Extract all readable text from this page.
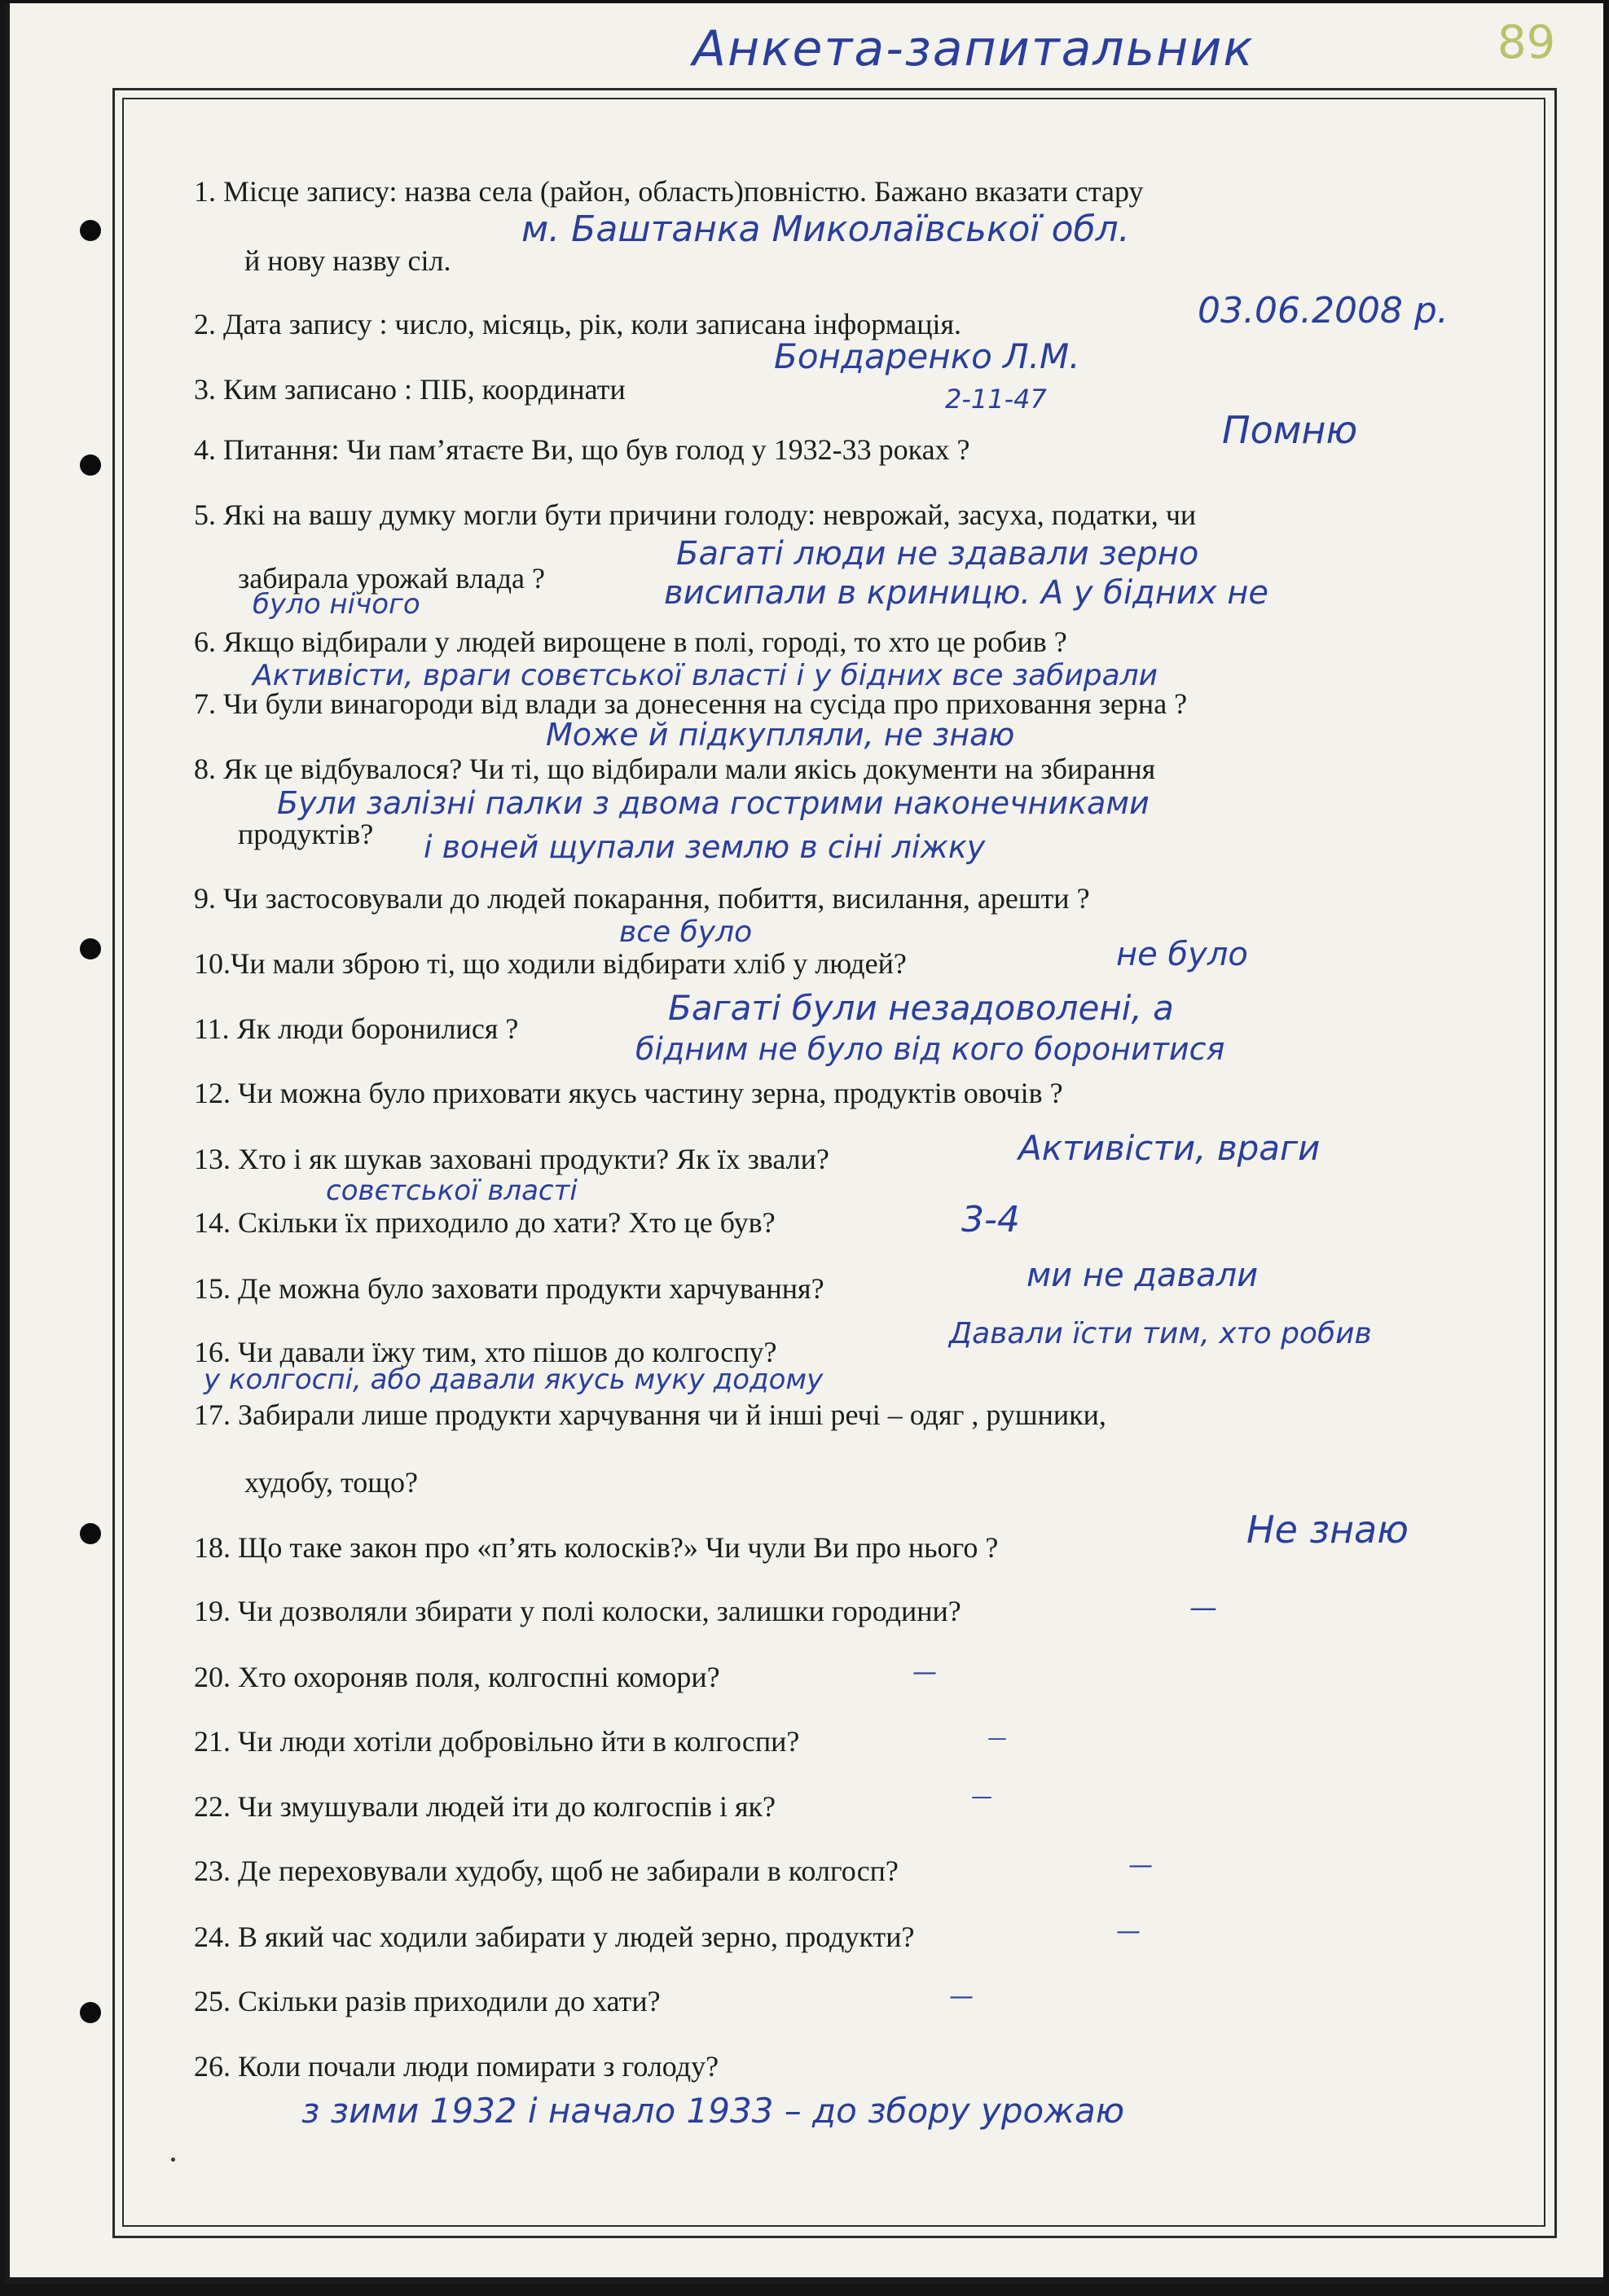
Анкета-запитальник	89
1. Місце запису: назва села (район, область)повністю. Бажано вказати стару
й нову назву сіл.
2. Дата запису : число, місяць, рік, коли записана інформація.
3. Ким записано : ПІБ, координати
4. Питання: Чи пам’ятаєте Ви, що був голод у 1932-33 роках ?
5. Які на вашу думку могли бути причини голоду: неврожай, засуха, податки, чи
забирала урожай влада ?
6. Якщо відбирали у людей вирощене в полі, городі, то хто це робив ?
7. Чи були винагороди від влади за донесення на сусіда про приховання зерна ?
8. Як це відбувалося? Чи ті, що відбирали мали якісь документи на збирання
продуктів?
9. Чи застосовували до людей покарання, побиття, висилання, арешти ?
10.Чи мали зброю ті, що ходили відбирати хліб у людей?
11. Як люди боронилися ?
12. Чи можна було приховати якусь частину зерна, продуктів овочів ?
13. Хто і як шукав заховані продукти? Як їх звали?
14. Скільки їх приходило до хати? Хто це був?
15. Де можна було заховати продукти харчування?
16. Чи давали їжу тим, хто пішов до колгоспу?
17. Забирали лише продукти харчування чи й інші речі – одяг , рушники,
худобу, тощо?
18. Що таке закон про «п’ять колосків?» Чи чули Ви про нього ?
19. Чи дозволяли збирати у полі колоски, залишки городини?
20. Хто охороняв поля, колгоспні комори?
21. Чи люди хотіли добровільно йти в колгоспи?
22. Чи змушували людей іти до колгоспів і як?
23. Де переховували худобу, щоб не забирали в колгосп?
24. В який час ходили забирати у людей зерно, продукти?
25. Скільки разів приходили до хати?
26. Коли почали люди помирати з голоду?
м. Баштанка Миколаївської обл.
03.06.2008 р.
Бондаренко Л.М.
2-11-47
Помню
Багаті люди не здавали зерно
висипали в криницю. А у бідних не
було нічого
Активісти, враги совєтської власті і у бідних все забирали
Може й підкупляли, не знаю
Були залізні палки з двома гострими наконечниками
і воней щупали землю в сіні ліжку
все було
не було
Багаті були незадоволені, а
бідним не було від кого боронитися
Активісти, враги
совєтської власті
3-4
ми не давали
Давали їсти тим, хто робив
у колгоспі, або давали якусь муку додому
Не знаю
—
—
—
—
—
—
—
з зими 1932 і начало 1933 – до збору урожаю
